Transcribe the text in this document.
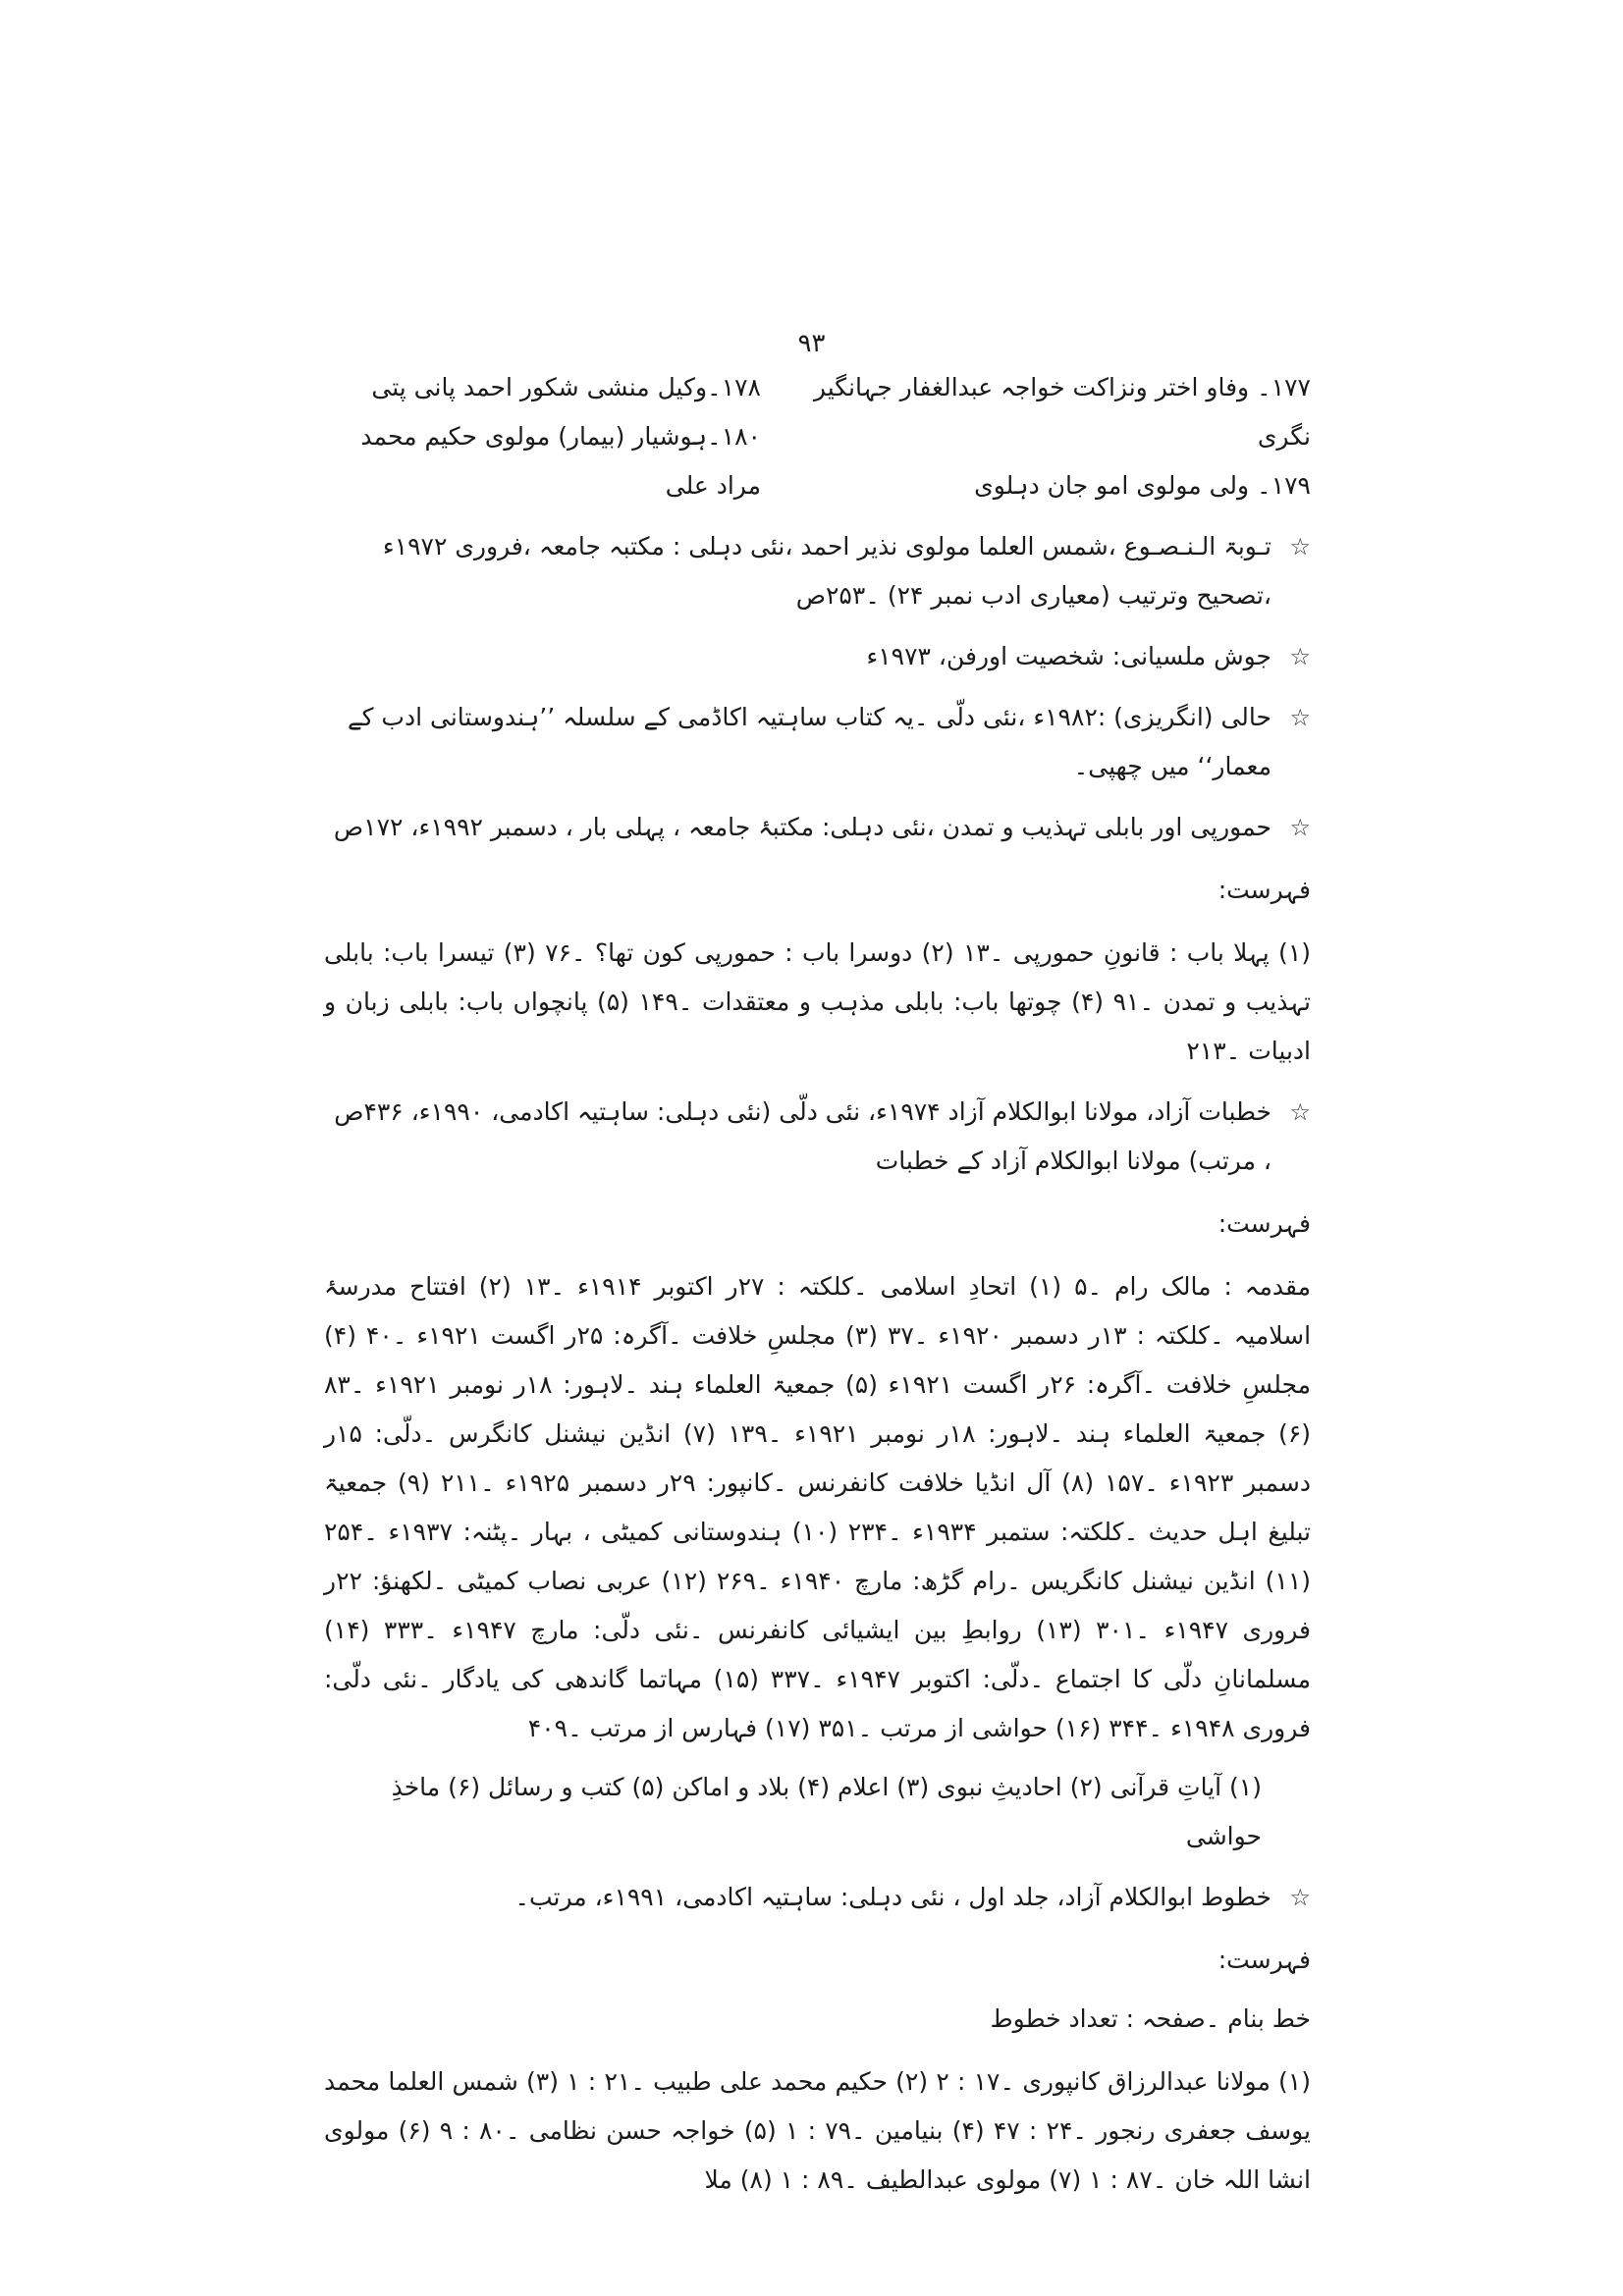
۹۳
۱۷۷۔ وفاو اختر ونزاکت خواجہ عبدالغفار جہانگیر نگری
۱۷۹۔ ولی مولوی امو جان دہلوی
۱۷۸۔وکیل منشی شکور احمد پانی پتی
۱۸۰۔ہوشیار (بیمار) مولوی حکیم محمد مراد علی
☆
تـوبۃ الـنـصـوع ،شمس العلما مولوی نذیر احمد ،نئی دہلی : مکتبہ جامعہ ،فروری ۱۹۷۲ء ،تصحیح وترتیب (معیاری ادب نمبر ۲۴) ۔۲۵۳ص
☆
جوش ملسیانی: شخصیت اورفن، ۱۹۷۳ء
☆
حالی (انگریزی) :۱۹۸۲ء ،نئی دلّی ۔یہ کتاب ساہتیہ اکاڈمی کے سلسلہ ’’ہندوستانی ادب کے معمار‘‘ میں چھپی۔
☆
حمورپی اور بابلی تہذیب و تمدن ،نئی دہلی: مکتبۂ جامعہ ، پہلی بار ، دسمبر ۱۹۹۲ء، ۱۷۲ص
فہرست:
(۱) پہلا باب : قانونِ حمورپی ۔۱۳ (۲) دوسرا باب : حمورپی کون تھا؟ ۔۷۶ (۳) تیسرا باب: بابلی تہذیب و تمدن ۔۹۱ (۴) چوتھا باب: بابلی مذہب و معتقدات ۔۱۴۹ (۵) پانچواں باب: بابلی زبان و ادبیات ۔۲۱۳
☆
خطبات آزاد، مولانا ابوالکلام آزاد ۱۹۷۴ء، نئی دلّی (نئی دہلی: ساہتیہ اکادمی، ۱۹۹۰ء، ۴۳۶ص ، مرتب) مولانا ابوالکلام آزاد کے خطبات
فہرست:
مقدمہ : مالک رام ۔۵ (۱) اتحادِ اسلامی ۔کلکتہ : ۲۷ر اکتوبر ۱۹۱۴ء ۔۱۳ (۲) افتتاح مدرسۂ اسلامیہ ۔کلکتہ : ۱۳ر دسمبر ۱۹۲۰ء ۔۳۷ (۳) مجلسِ خلافت ۔آگرہ: ۲۵ر اگست ۱۹۲۱ء ۔۴۰ (۴) مجلسِ خلافت ۔آگرہ: ۲۶ر اگست ۱۹۲۱ء (۵) جمعیۃ العلماء ہند ۔لاہور: ۱۸ر نومبر ۱۹۲۱ء ۔۸۳ (۶) جمعیۃ العلماء ہند ۔لاہور: ۱۸ر نومبر ۱۹۲۱ء ۔۱۳۹ (۷) انڈین نیشنل کانگرس ۔دلّی: ۱۵ر دسمبر ۱۹۲۳ء ۔۱۵۷ (۸) آل انڈیا خلافت کانفرنس ۔کانپور: ۲۹ر دسمبر ۱۹۲۵ء ۔۲۱۱ (۹) جمعیۃ تبلیغ اہل حدیث ۔کلکتہ: ستمبر ۱۹۳۴ء ۔۲۳۴ (۱۰) ہندوستانی کمیٹی ، بہار ۔پٹنہ: ۱۹۳۷ء ۔۲۵۴ (۱۱) انڈین نیشنل کانگریس ۔رام گڑھ: مارچ ۱۹۴۰ء ۔۲۶۹ (۱۲) عربی نصاب کمیٹی ۔لکھنؤ: ۲۲ر فروری ۱۹۴۷ء ۔۳۰۱ (۱۳) روابطِ بین ایشیائی کانفرنس ۔نئی دلّی: مارچ ۱۹۴۷ء ۔۳۳۳ (۱۴) مسلمانانِ دلّی کا اجتماع ۔دلّی: اکتوبر ۱۹۴۷ء ۔۳۳۷ (۱۵) مہاتما گاندھی کی یادگار ۔نئی دلّی: فروری ۱۹۴۸ء ۔۳۴۴ (۱۶) حواشی از مرتب ۔۳۵۱ (۱۷) فہارس از مرتب ۔۴۰۹
(۱) آیاتِ قرآنی (۲) احادیثِ نبوی (۳) اعلام (۴) بلاد و اماکن (۵) کتب و رسائل (۶) ماخذِ حواشی
☆
خطوط ابوالکلام آزاد، جلد اول ، نئی دہلی: ساہتیہ اکادمی، ۱۹۹۱ء، مرتب۔
فہرست:
خط بنام ۔صفحہ : تعداد خطوط
(۱) مولانا عبدالرزاق کانپوری ۔۱۷ : ۲ (۲) حکیم محمد علی طبیب ۔۲۱ : ۱ (۳) شمس العلما محمد یوسف جعفری رنجور ۔۲۴ : ۴۷ (۴) بنیامین ۔۷۹ : ۱ (۵) خواجہ حسن نظامی ۔۸۰ : ۹ (۶) مولوی انشا اللہ خان ۔۸۷ : ۱ (۷) مولوی عبدالطیف ۔۸۹ : ۱ (۸) ملا
